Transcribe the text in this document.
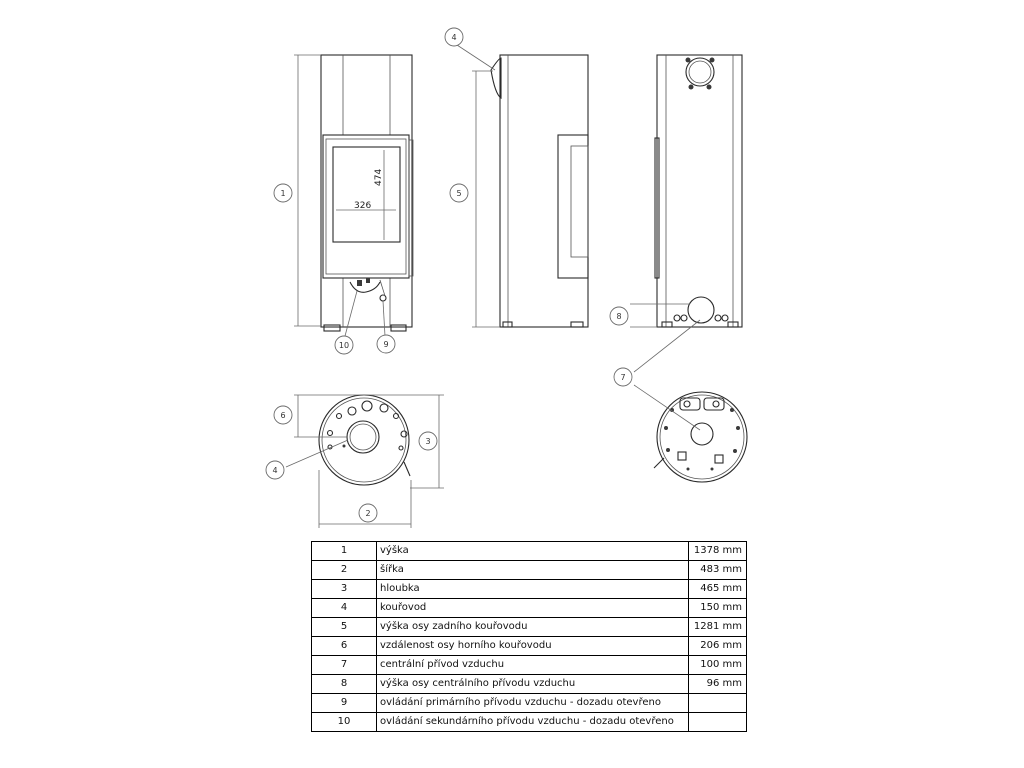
326
474
1
10	9
4
5
8
7
6
3
4
2
1	výška	1378 mm
2	šířka	483 mm
3	hloubka	465 mm
4	kouřovod	150 mm
5	výška osy zadního kouřovodu	1281 mm
6	vzdálenost osy horního kouřovodu	206 mm
7	centrální přívod vzduchu	100 mm
8	výška osy centrálního přívodu vzduchu	96 mm
9	ovládání primárního přívodu vzduchu - dozadu otevřeno	
10	ovládání sekundárního přívodu vzduchu - dozadu otevřeno	
